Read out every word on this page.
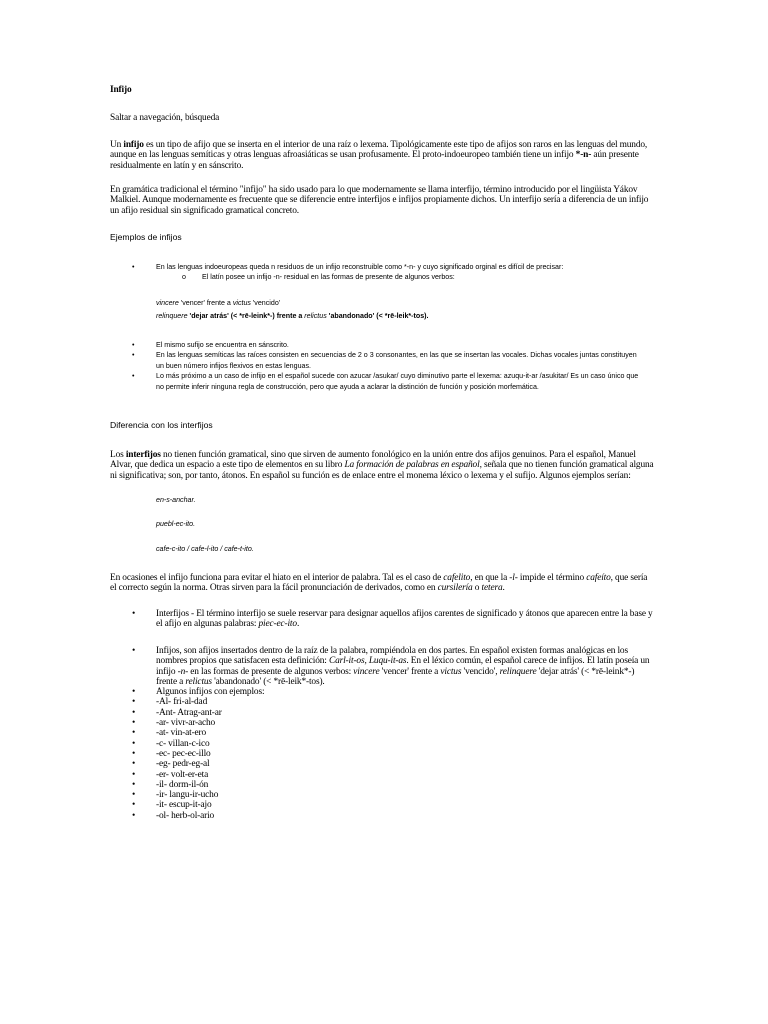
Infijo
Saltar a navegación, búsqueda

Un infijo es un tipo de afijo que se inserta en el interior de una raíz o lexema. Tipológicamente este tipo de afijos son raros en las lenguas del mundo, aunque en las lenguas semíticas y otras lenguas afroasiáticas se usan profusamente. El proto-indoeuropeo también tiene un infijo *-n- aún presente residualmente en latín y en sánscrito.

En gramática tradicional el término "infijo" ha sido usado para lo que modernamente se llama interfijo, término introducido por el lingüista Yákov Malkiel. Aunque modernamente es frecuente que se diferencie entre interfijos e infijos propiamente dichos. Un interfijo sería a diferencia de un infijo un afijo residual sin significado gramatical concreto.

Ejemplos de infijos
•	En las lenguas indoeuropeas queda n residuos de un infijo reconstruible como *-n- y cuyo significado orginal es difícil de precisar:
o El latín posee un infijo -n- residual en las formas de presente de algunos verbos:
vincere 'vencer' frente a victus 'vencido'
relinquere 'dejar atrás' (< *rē-leink*-) frente a relictus 'abandonado' (< *rē-leik*-tos).
•	El mismo sufijo se encuentra en sánscrito.
•	En las lenguas semíticas las raíces consisten en secuencias de 2 o 3 consonantes, en las que se insertan las vocales. Dichas vocales juntas constituyen un buen número infijos flexivos en estas lenguas.
•	Lo más próximo a un caso de infijo en el español sucede con azucar /asukar/ cuyo diminutivo parte el lexema: azuqu-it-ar /asukitar/ Es un caso único que no permite inferir ninguna regla de construcción, pero que ayuda a aclarar la distinción de función y posición morfemática.
Diferencia con los interfijos

Los interfijos no tienen función gramatical, sino que sirven de aumento fonológico en la unión entre dos afijos genuinos. Para el español, Manuel Alvar, que dedica un espacio a este tipo de elementos en su libro La formación de palabras en español, señala que no tienen función gramatical alguna ni significativa; son, por tanto, átonos. En español su función es de enlace entre el monema léxico o lexema y el sufijo. Algunos ejemplos serían:

en-s-anchar.
puebl-ec-ito.
cafe-c-ito / cafe-l-ito / cafe-t-ito.

En ocasiones el infijo funciona para evitar el hiato en el interior de palabra. Tal es el caso de cafelito, en que la -l- impide el término cafeíto, que sería el correcto según la norma. Otras sirven para la fácil pronunciación de derivados, como en cursilería o tetera.

• Interfijos - El término interfijo se suele reservar para designar aquellos afijos carentes de significado y átonos que aparecen entre la base y el afijo en algunas palabras: piec-ec-ito.
• Infijos, son afijos insertados dentro de la raíz de la palabra, rompiéndola en dos partes. En español existen formas analógicas en los nombres propios que satisfacen esta definición: Carl-it-os, Luqu-it-as. En el léxico común, el español carece de infijos. El latín poseía un infijo -n- en las formas de presente de algunos verbos: vincere 'vencer' frente a victus 'vencido', relinquere 'dejar atrás' (< *rē-leink*-) frente a relictus 'abandonado' (< *rē-leik*-tos).
• Algunos infijos con ejemplos:
• -Al- fri-al-dad
• -Ant- Atrag-ant-ar
• -ar- vivr-ar-acho
• -at- vin-at-ero
• -c- villan-c-ico
• -ec- pec-ec-illo
• -eg- pedr-eg-al
• -er- volt-er-eta
• -il- dorm-il-ón
• -ir- langu-ir-ucho
• -it- escup-it-ajo
• -ol- herb-ol-ario
